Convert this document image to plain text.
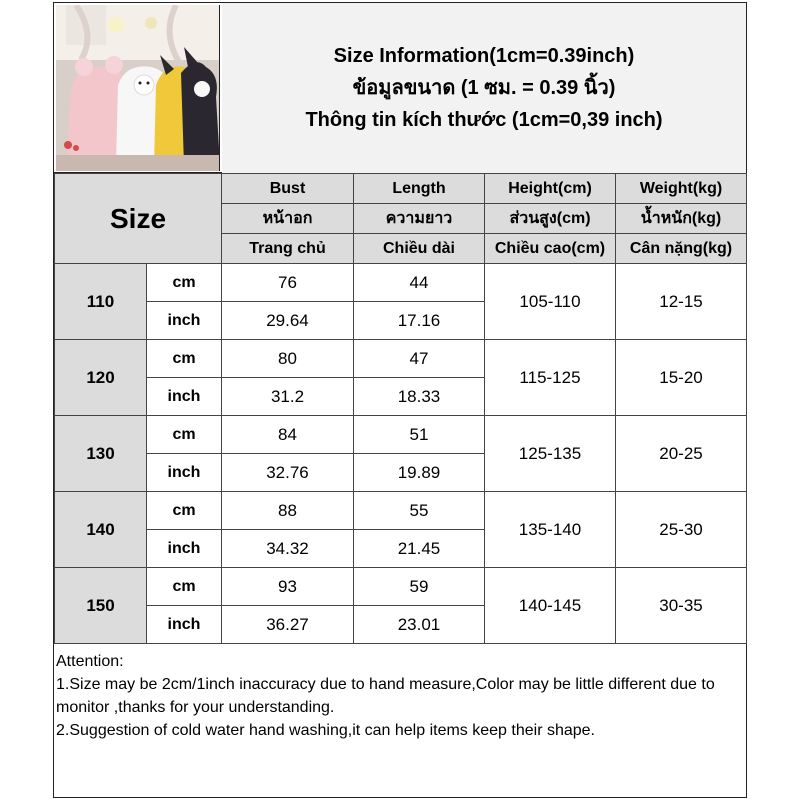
Size Information(1cm=0.39inch)
ข้อมูลขนาด (1 ซม. = 0.39 นิ้ว)
Thông tin kích thước (1cm=0,39 inch)
Size		Bust	Length	Height(cm)	Weight(kg)
		หน้าอก	ความยาว	ส่วนสูง(cm)	น้ำหนัก(kg)
		Trang chủ	Chiều dài	Chiều cao(cm)	Cân nặng(kg)
110	cm	76	44	105-110	12-15
	inch	29.64	17.16		
120	cm	80	47	115-125	15-20
	inch	31.2	18.33		
130	cm	84	51	125-135	20-25
	inch	32.76	19.89		
140	cm	88	55	135-140	25-30
	inch	34.32	21.45		
150	cm	93	59	140-145	30-35
	inch	36.27	23.01		

Attention:

1.Size may be 2cm/1inch inaccuracy due to hand measure,Color may be little different due to monitor ,thanks for your understanding.

2.Suggestion of cold water hand washing,it can help items keep their shape.
